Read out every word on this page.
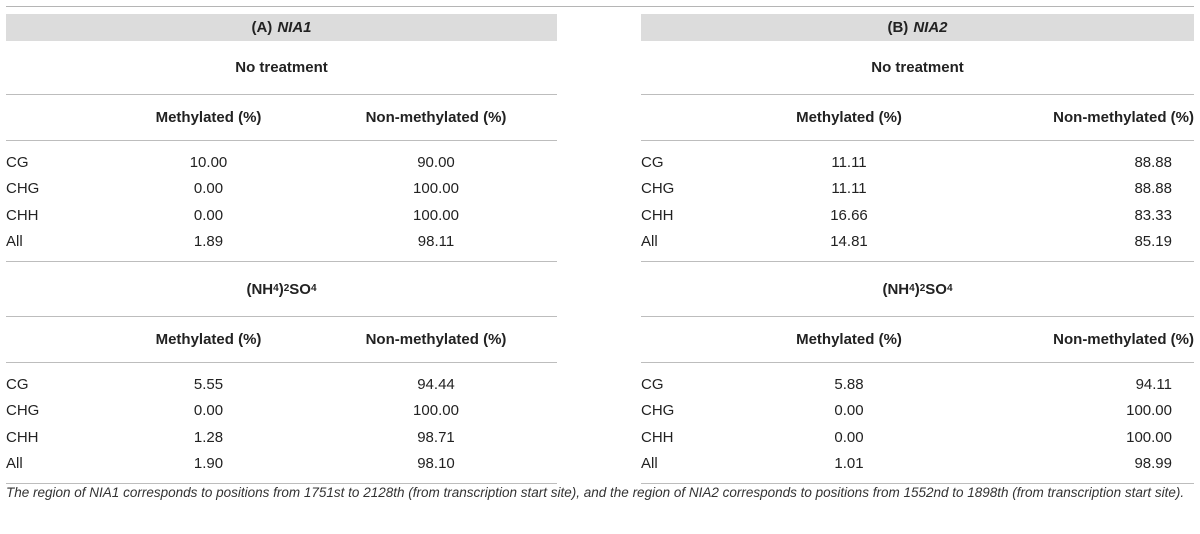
(A) NIA1
No treatment
Methylated (%)	Non-methylated (%)
CG	10.00	90.00
CHG	0.00	100.00
CHH	0.00	100.00
All	1.89	98.11
(NH 4 ) 2 SO 4
Methylated (%)	Non-methylated (%)
CG	5.55	94.44
CHG	0.00	100.00
CHH	1.28	98.71
All	1.90	98.10
(B) NIA2
No treatment
Methylated (%)	Non-methylated (%)
CG	11.11	88.88
CHG	11.11	88.88
CHH	16.66	83.33
All	14.81	85.19
(NH 4 ) 2 SO 4
Methylated (%)	Non-methylated (%)
CG	5.88	94.11
CHG	0.00	100.00
CHH	0.00	100.00
All	1.01	98.99
The region of NIA1 corresponds to positions from 1751st to 2128th (from transcription start site), and the region of NIA2 corresponds to positions from 1552nd to 1898th (from transcription start site).
